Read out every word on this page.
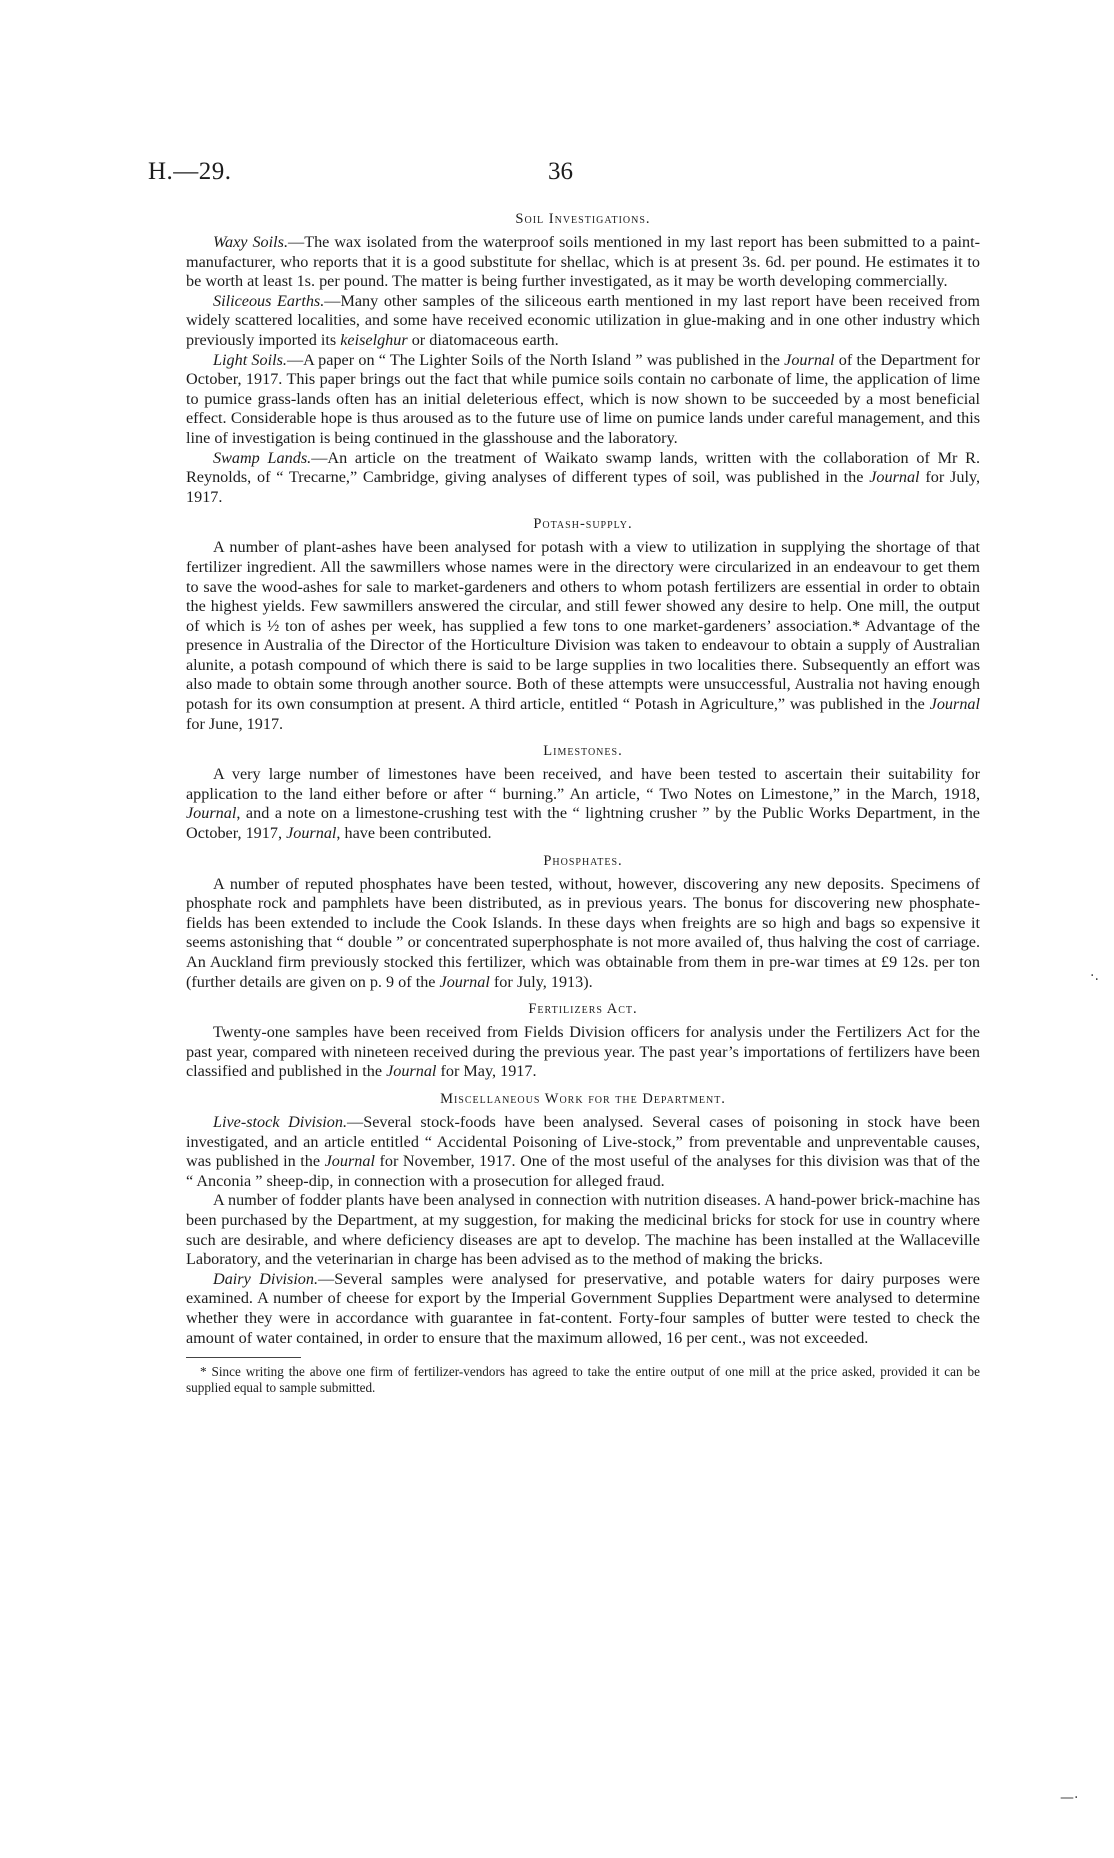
H.—29.	36
Soil Investigations.

Waxy Soils.—The wax isolated from the waterproof soils mentioned in my last report has been submitted to a paint-manufacturer, who reports that it is a good substitute for shellac, which is at present 3s. 6d. per pound. He estimates it to be worth at least 1s. per pound. The matter is being further investigated, as it may be worth developing commercially.

Siliceous Earths.—Many other samples of the siliceous earth mentioned in my last report have been received from widely scattered localities, and some have received economic utilization in glue-making and in one other industry which previously imported its keiselghur or diatomaceous earth.

Light Soils.—A paper on “ The Lighter Soils of the North Island ” was published in the Journal of the Department for October, 1917. This paper brings out the fact that while pumice soils contain no carbonate of lime, the application of lime to pumice grass-lands often has an initial deleterious effect, which is now shown to be succeeded by a most beneficial effect. Considerable hope is thus aroused as to the future use of lime on pumice lands under careful management, and this line of investigation is being continued in the glasshouse and the laboratory.

Swamp Lands.—An article on the treatment of Waikato swamp lands, written with the collaboration of Mr R. Reynolds, of “ Trecarne,” Cambridge, giving analyses of different types of soil, was published in the Journal for July, 1917.

Potash-supply.

A number of plant-ashes have been analysed for potash with a view to utilization in supplying the shortage of that fertilizer ingredient. All the sawmillers whose names were in the directory were circularized in an endeavour to get them to save the wood-ashes for sale to market-gardeners and others to whom potash fertilizers are essential in order to obtain the highest yields. Few sawmillers answered the circular, and still fewer showed any desire to help. One mill, the output of which is ½ ton of ashes per week, has supplied a few tons to one market-gardeners’ association.* Advantage of the presence in Australia of the Director of the Horticulture Division was taken to endeavour to obtain a supply of Australian alunite, a potash compound of which there is said to be large supplies in two localities there. Subsequently an effort was also made to obtain some through another source. Both of these attempts were unsuccessful, Australia not having enough potash for its own consumption at present. A third article, entitled “ Potash in Agriculture,” was published in the Journal for June, 1917.

Limestones.

A very large number of limestones have been received, and have been tested to ascertain their suitability for application to the land either before or after “ burning.” An article, “ Two Notes on Limestone,” in the March, 1918, Journal, and a note on a limestone-crushing test with the “ lightning crusher ” by the Public Works Department, in the October, 1917, Journal, have been contributed.

Phosphates.

A number of reputed phosphates have been tested, without, however, discovering any new deposits. Specimens of phosphate rock and pamphlets have been distributed, as in previous years. The bonus for discovering new phosphate-fields has been extended to include the Cook Islands. In these days when freights are so high and bags so expensive it seems astonishing that “ double ” or concentrated superphosphate is not more availed of, thus halving the cost of carriage. An Auckland firm previously stocked this fertilizer, which was obtainable from them in pre-war times at £9 12s. per ton (further details are given on p. 9 of the Journal for July, 1913).

Fertilizers Act.

Twenty-one samples have been received from Fields Division officers for analysis under the Fertilizers Act for the past year, compared with nineteen received during the previous year. The past year’s importations of fertilizers have been classified and published in the Journal for May, 1917.

Miscellaneous Work for the Department.

Live-stock Division.—Several stock-foods have been analysed. Several cases of poisoning in stock have been investigated, and an article entitled “ Accidental Poisoning of Live-stock,” from preventable and unpreventable causes, was published in the Journal for November, 1917. One of the most useful of the analyses for this division was that of the “ Anconia ” sheep-dip, in connection with a prosecution for alleged fraud.

A number of fodder plants have been analysed in connection with nutrition diseases. A hand-power brick-machine has been purchased by the Department, at my suggestion, for making the medicinal bricks for stock for use in country where such are desirable, and where deficiency diseases are apt to develop. The machine has been installed at the Wallaceville Laboratory, and the veterinarian in charge has been advised as to the method of making the bricks.

Dairy Division.—Several samples were analysed for preservative, and potable waters for dairy purposes were examined. A number of cheese for export by the Imperial Government Supplies Department were analysed to determine whether they were in accordance with guarantee in fat-content. Forty-four samples of butter were tested to check the amount of water contained, in order to ensure that the maximum allowed, 16 per cent., was not exceeded.

* Since writing the above one firm of fertilizer-vendors has agreed to take the entire output of one mill at the price asked, provided it can be supplied equal to sample submitted.

·.
—·
